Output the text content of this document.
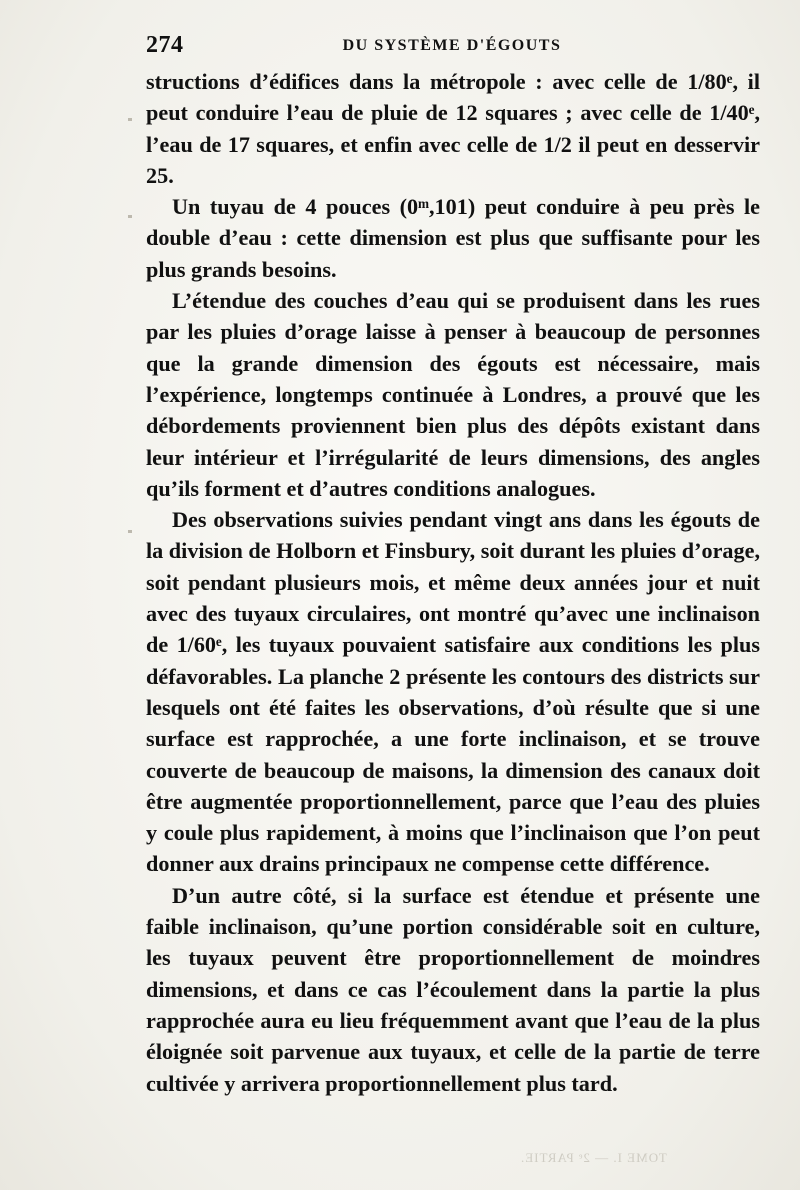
274	DU SYSTÈME D'ÉGOUTS

structions d’édifices dans la métropole : avec celle de 1/80ᵉ, il peut conduire l’eau de pluie de 12 squares ; avec celle de 1/40ᵉ, l’eau de 17 squares, et enfin avec celle de 1/2 il peut en desservir 25.

Un tuyau de 4 pouces (0ᵐ,101) peut conduire à peu près le double d’eau : cette dimension est plus que suffisante pour les plus grands besoins.

L’étendue des couches d’eau qui se produisent dans les rues par les pluies d’orage laisse à penser à beaucoup de personnes que la grande dimension des égouts est nécessaire, mais l’expérience, longtemps continuée à Londres, a prouvé que les débordements proviennent bien plus des dépôts existant dans leur intérieur et l’irrégularité de leurs dimensions, des angles qu’ils forment et d’autres conditions analogues.

Des observations suivies pendant vingt ans dans les égouts de la division de Holborn et Finsbury, soit durant les pluies d’orage, soit pendant plusieurs mois, et même deux années jour et nuit avec des tuyaux circulaires, ont montré qu’avec une inclinaison de 1/60ᵉ, les tuyaux pouvaient satisfaire aux conditions les plus défavorables. La planche 2 présente les contours des districts sur lesquels ont été faites les observations, d’où résulte que si une surface est rapprochée, a une forte inclinaison, et se trouve couverte de beaucoup de maisons, la dimension des canaux doit être augmentée proportionnellement, parce que l’eau des pluies y coule plus rapidement, à moins que l’inclinaison que l’on peut donner aux drains principaux ne compense cette différence.

D’un autre côté, si la surface est étendue et présente une faible inclinaison, qu’une portion considérable soit en culture, les tuyaux peuvent être proportionnellement de moindres dimensions, et dans ce cas l’écoulement dans la partie la plus rapprochée aura eu lieu fréquemment avant que l’eau de la plus éloignée soit parvenue aux tuyaux, et celle de la partie de terre cultivée y arrivera proportionnellement plus tard.

TOME I. — 2ᵉ PARTIE.
